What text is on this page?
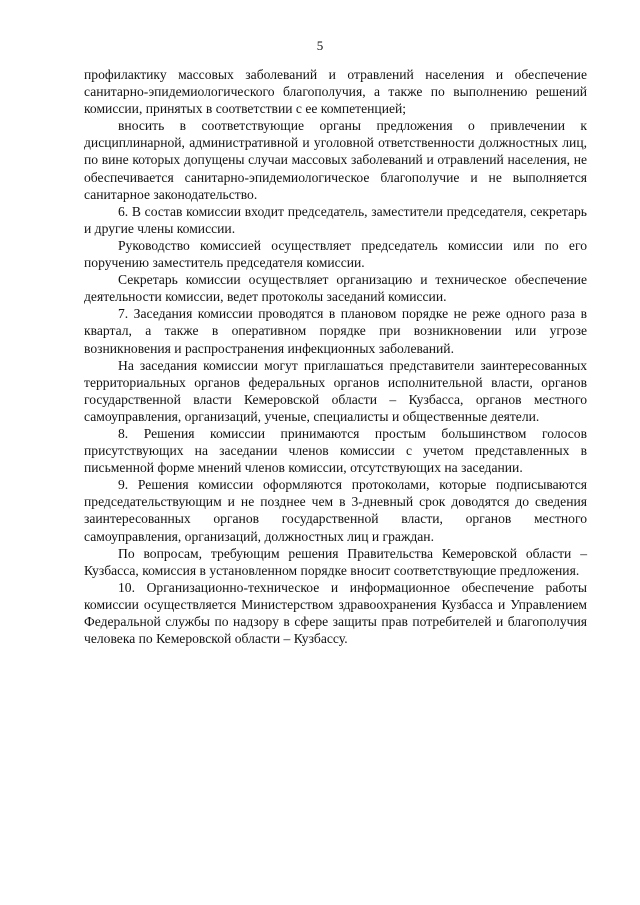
5

профилактику массовых заболеваний и отравлений населения и обеспечение санитарно-эпидемиологического благополучия, а также по выполнению решений комиссии, принятых в соответствии с ее компетенцией;

вносить в соответствующие органы предложения о привлечении к дисциплинарной, административной и уголовной ответственности должностных лиц, по вине которых допущены случаи массовых заболеваний и отравлений населения, не обеспечивается санитарно-эпидемиологическое благополучие и не выполняется санитарное законодательство.

6. В состав комиссии входит председатель, заместители председателя, секретарь и другие члены комиссии.

Руководство комиссией осуществляет председатель комиссии или по его поручению заместитель председателя комиссии.

Секретарь комиссии осуществляет организацию и техническое обеспечение деятельности комиссии, ведет протоколы заседаний комиссии.

7. Заседания комиссии проводятся в плановом порядке не реже одного раза в квартал, а также в оперативном порядке при возникновении или угрозе возникновения и распространения инфекционных заболеваний.

На заседания комиссии могут приглашаться представители заинтересованных территориальных органов федеральных органов исполнительной власти, органов государственной власти Кемеровской области – Кузбасса, органов местного самоуправления, организаций, ученые, специалисты и общественные деятели.

8. Решения комиссии принимаются простым большинством голосов присутствующих на заседании членов комиссии с учетом представленных в письменной форме мнений членов комиссии, отсутствующих на заседании.

9. Решения комиссии оформляются протоколами, которые подписываются председательствующим и не позднее чем в 3-дневный срок доводятся до сведения заинтересованных органов государственной власти, органов местного самоуправления, организаций, должностных лиц и граждан.

По вопросам, требующим решения Правительства Кемеровской области – Кузбасса, комиссия в установленном порядке вносит соответствующие предложения.

10. Организационно-техническое и информационное обеспечение работы комиссии осуществляется Министерством здравоохранения Кузбасса и Управлением Федеральной службы по надзору в сфере защиты прав потребителей и благополучия человека по Кемеровской области – Кузбассу.
